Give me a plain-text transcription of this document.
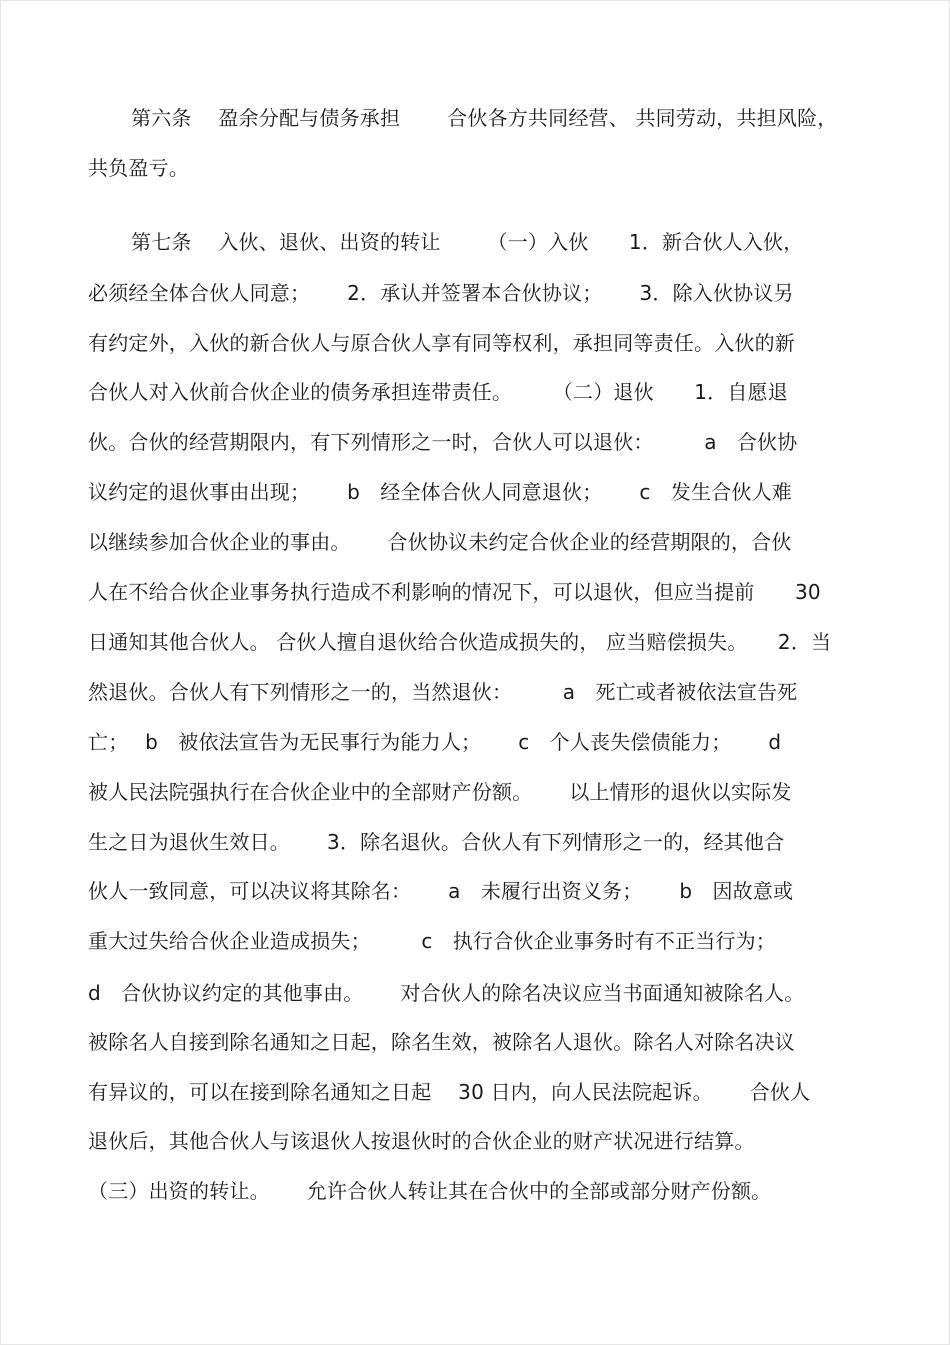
第六条　 盈余分配与债务承担　　 合伙各方共同经营、 共同劳动，共担风险，
共负盈亏。
第七条　 入伙、退伙、出资的转让　　 （一）入伙　　1．新合伙人入伙，
必须经全体合伙人同意；　　 2．承认并签署本合伙协议；　　 3．除入伙协议另
有约定外，入伙的新合伙人与原合伙人享有同等权利，承担同等责任。入伙的新
合伙人对入伙前合伙企业的债务承担连带责任。　　　（二）退伙　　1．自愿退
伙。合伙的经营期限内，有下列情形之一时，合伙人可以退伙：　　　a　合伙协
议约定的退伙事由出现；　　 b　经全体合伙人同意退伙；　　 c　发生合伙人难
以继续参加合伙企业的事由。　　 合伙协议未约定合伙企业的经营期限的，合伙
人在不给合伙企业事务执行造成不利影响的情况下，可以退伙，但应当提前　　30
日通知其他合伙人。 合伙人擅自退伙给合伙造成损失的， 应当赔偿损失。　　2．当
然退伙。合伙人有下列情形之一的，当然退伙：　　　a　死亡或者被依法宣告死
亡；　 b　被依法宣告为无民事行为能力人；　　 c　个人丧失偿债能力；　　 d
被人民法院强执行在合伙企业中的全部财产份额。　　 以上情形的退伙以实际发
生之日为退伙生效日。　　 3．除名退伙。合伙人有下列情形之一的，经其他合
伙人一致同意，可以决议将其除名：　　 a　未履行出资义务；　　 b　因故意或
重大过失给合伙企业造成损失；　　　c　执行合伙企业事务时有不正当行为；
d　合伙协议约定的其他事由。　　 对合伙人的除名决议应当书面通知被除名人。
被除名人自接到除名通知之日起，除名生效，被除名人退伙。除名人对除名决议
有异议的，可以在接到除名通知之日起　 30 日内，向人民法院起诉。　　 合伙人
退伙后，其他合伙人与该退伙人按退伙时的合伙企业的财产状况进行结算。
（三）出资的转让。　　 允许合伙人转让其在合伙中的全部或部分财产份额。
